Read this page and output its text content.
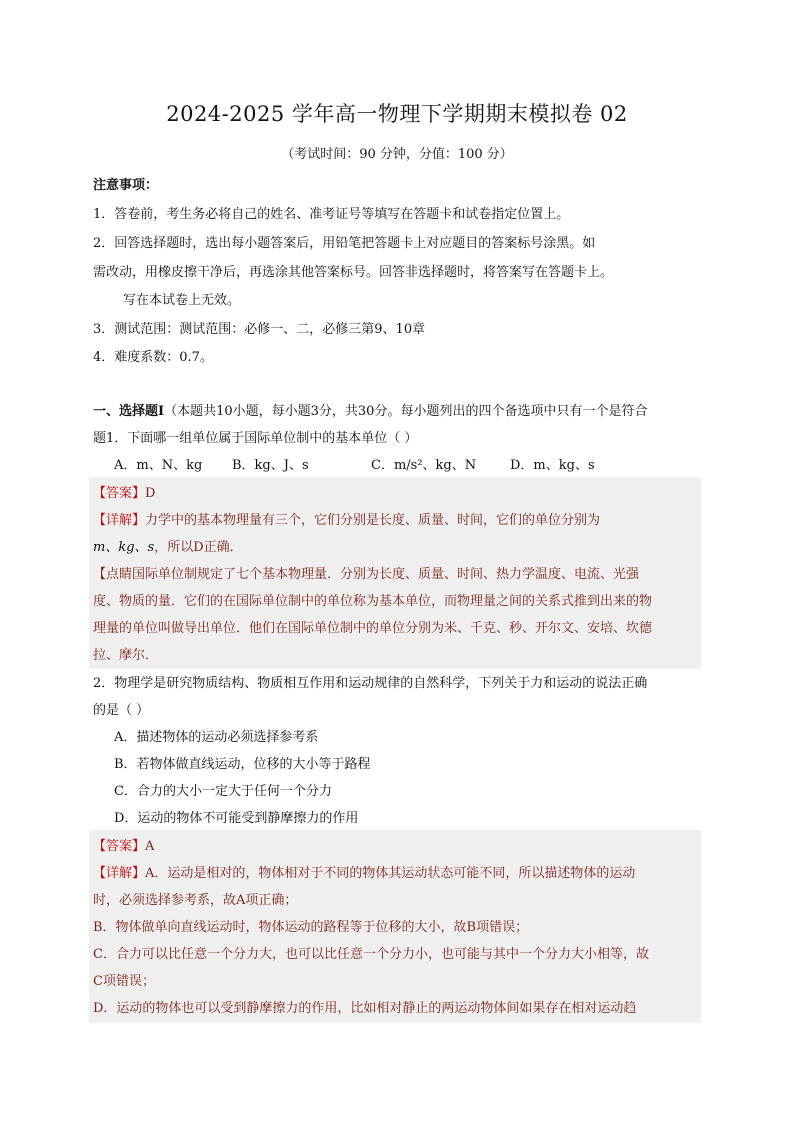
2024-2025 学年高一物理下学期期末模拟卷 02
（考试时间：90 分钟，分值：100 分）
注意事项：
1．答卷前，考生务必将自己的姓名、准考证号等填写在答题卡和试卷指定位置上。
2．回答选择题时，选出每小题答案后，用铅笔把答题卡上对应题目的答案标号涂黑。如
需改动，用橡皮擦干净后，再选涂其他答案标号。回答非选择题时，将答案写在答题卡上。
写在本试卷上无效。
3．测试范围：测试范围：必修一、二，必修三第9、10章
4．难度系数：0.7。
一、选择题Ⅰ（本题共10小题，每小题3分，共30分。每小题列出的四个备选项中只有一个是符合
题1．下面哪一组单位属于国际单位制中的基本单位（ ）
A．m、N、kg B．kg、J、s	C．m/s²、kg、N	D．m、kg、s
【答案】D
【详解】力学中的基本物理量有三个，它们分别是长度、质量、时间，它们的单位分别为
m、kg、s，所以D正确．
【点睛国际单位制规定了七个基本物理量．分别为长度、质量、时间、热力学温度、电流、光强
度、物质的量．它们的在国际单位制中的单位称为基本单位，而物理量之间的关系式推到出来的物
理量的单位叫做导出单位．他们在国际单位制中的单位分别为米、千克、秒、开尔文、安培、坎德
拉、摩尔．
2．物理学是研究物质结构、物质相互作用和运动规律的自然科学，下列关于力和运动的说法正确
的是（ ）
A．描述物体的运动必须选择参考系
B．若物体做直线运动，位移的大小等于路程
C．合力的大小一定大于任何一个分力
D．运动的物体不可能受到静摩擦力的作用
【答案】A
【详解】A．运动是相对的，物体相对于不同的物体其运动状态可能不同，所以描述物体的运动
时，必须选择参考系，故A项正确；
B．物体做单向直线运动时，物体运动的路程等于位移的大小，故B项错误；
C．合力可以比任意一个分力大，也可以比任意一个分力小，也可能与其中一个分力大小相等，故
C项错误；
D．运动的物体也可以受到静摩擦力的作用，比如相对静止的两运动物体间如果存在相对运动趋
